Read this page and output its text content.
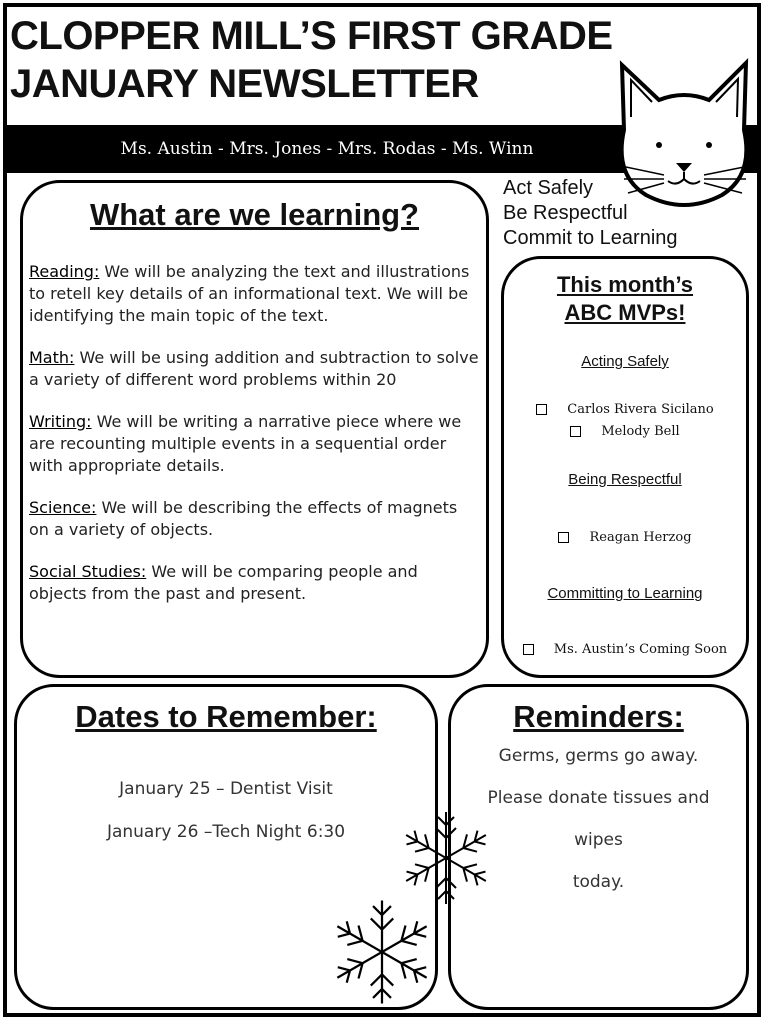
CLOPPER MILL’S FIRST GRADE
JANUARY NEWSLETTER
Ms. Austin - Mrs. Jones - Mrs. Rodas - Ms. Winn
Act Safely
Be Respectful
Commit to Learning
What are we learning?

Reading: We will be analyzing the text and illustrations to retell key details of an informational text. We will be identifying the main topic of the text.

Math: We will be using addition and subtraction to solve a variety of different word problems within 20

Writing: We will be writing a narrative piece where we are recounting multiple events in a sequential order with appropriate details.

Science: We will be describing the effects of magnets on a variety of objects.

Social Studies: We will be comparing people and objects from the past and present.

This month’s ABC MVPs!

Acting Safely

Carlos Rivera Sicilano
Melody Bell

Being Respectful

Reagan Herzog

Committing to Learning

Ms. Austin’s Coming Soon
Dates to Remember:
January 25 – Dentist Visit
January 26 –Tech Night 6:30
Reminders:
Germs, germs go away.
Please donate tissues and wipes
today.
